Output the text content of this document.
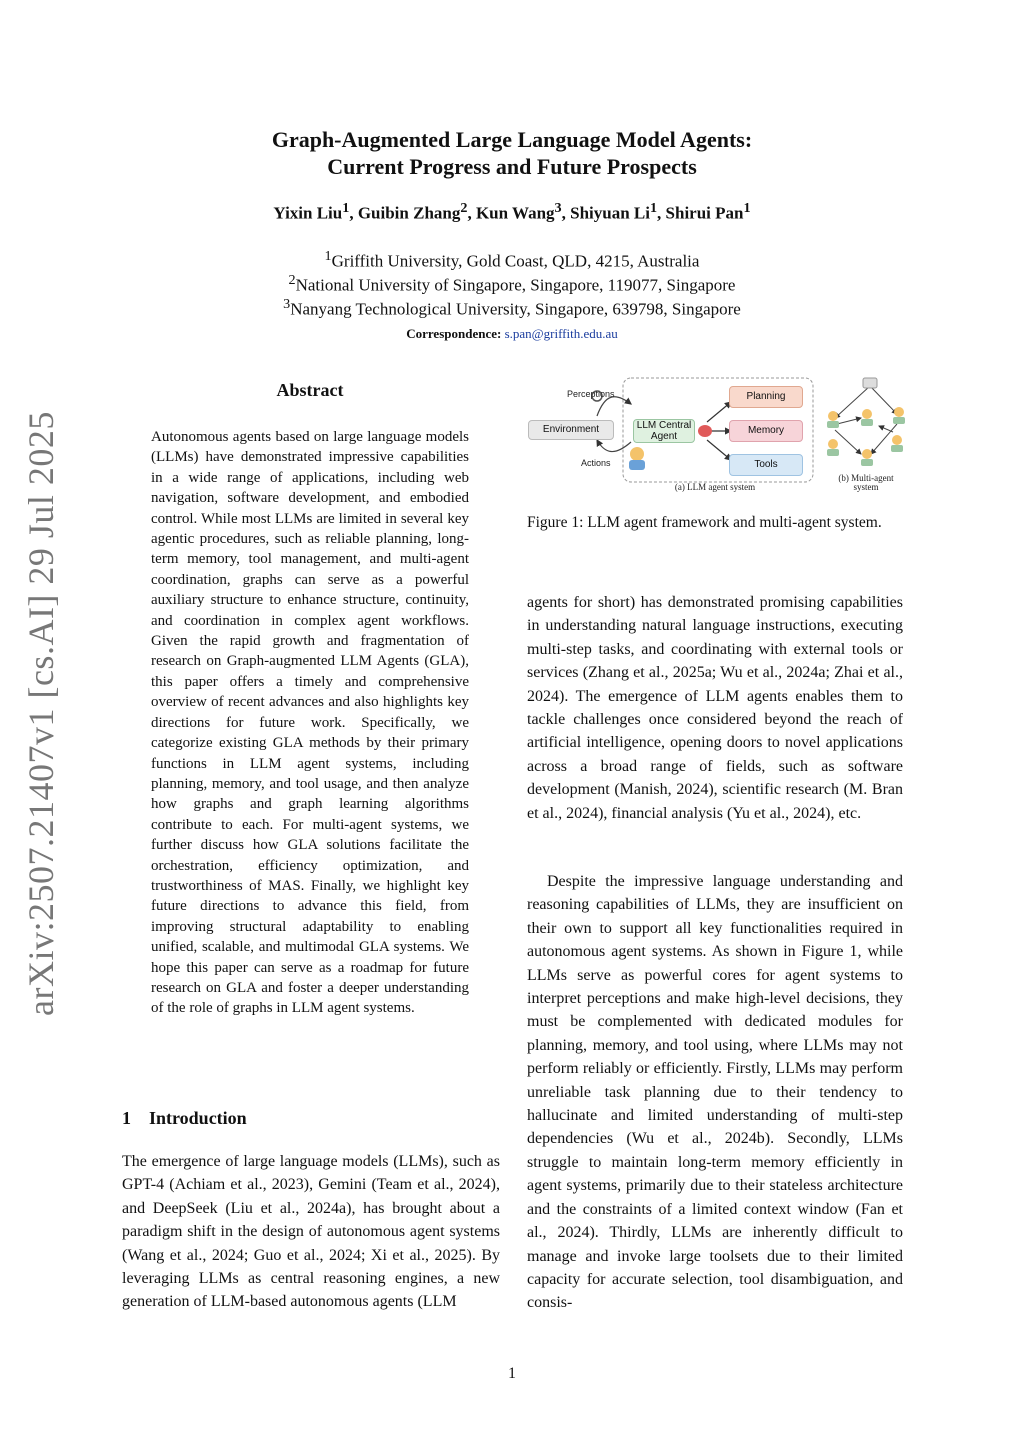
Graph-Augmented Large Language Model Agents:
Current Progress and Future Prospects
Yixin Liu$^1$, Guibin Zhang$^2$, Kun Wang$^3$, Shiyuan Li$^1$, Shirui Pan$^1$
$^1$Griffith University, Gold Coast, QLD, 4215, Australia
$^2$National University of Singapore, Singapore, 119077, Singapore
$^3$Nanyang Technological University, Singapore, 639798, Singapore
Correspondence: s.pan@griffith.edu.au
arXiv:2507.21407v1 [cs.AI] 29 Jul 2025
Abstract
Autonomous agents based on large language models (LLMs) have demonstrated impressive capabilities in a wide range of applications, including web navigation, software development, and embodied control. While most LLMs are limited in several key agentic procedures, such as reliable planning, long-term memory, tool management, and multi-agent coordination, graphs can serve as a powerful auxiliary structure to enhance structure, continuity, and coordination in complex agent workflows. Given the rapid growth and fragmentation of research on Graph-augmented LLM Agents (GLA), this paper offers a timely and comprehensive overview of recent advances and also highlights key directions for future work. Specifically, we categorize existing GLA methods by their primary functions in LLM agent systems, including planning, memory, and tool usage, and then analyze how graphs and graph learning algorithms contribute to each. For multi-agent systems, we further discuss how GLA solutions facilitate the orchestration, efficiency optimization, and trustworthiness of MAS. Finally, we highlight key future directions to advance this field, from improving structural adaptability to enabling unified, scalable, and multimodal GLA systems. We hope this paper can serve as a roadmap for future research on GLA and foster a deeper understanding of the role of graphs in LLM agent systems.
1 Introduction
The emergence of large language models (LLMs), such as GPT-4 (Achiam et al., 2023), Gemini (Team et al., 2024), and DeepSeek (Liu et al., 2024a), has brought about a paradigm shift in the design of autonomous agent systems (Wang et al., 2024; Guo et al., 2024; Xi et al., 2025). By leveraging LLMs as central reasoning engines, a new generation of LLM-based autonomous agents (LLM
Perceptions
Environment
Actions
LLM Central Agent
Planning
Memory
Tools
(a) LLM agent system
(b) Multi-agent system
Figure 1: LLM agent framework and multi-agent system.
agents for short) has demonstrated promising capabilities in understanding natural language instructions, executing multi-step tasks, and coordinating with external tools or services (Zhang et al., 2025a; Wu et al., 2024a; Zhai et al., 2024). The emergence of LLM agents enables them to tackle challenges once considered beyond the reach of artificial intelligence, opening doors to novel applications across a broad range of fields, such as software development (Manish, 2024), scientific research (M. Bran et al., 2024), financial analysis (Yu et al., 2024), etc.
Despite the impressive language understanding and reasoning capabilities of LLMs, they are insufficient on their own to support all key functionalities required in autonomous agent systems. As shown in Figure 1, while LLMs serve as powerful cores for agent systems to interpret perceptions and make high-level decisions, they must be complemented with dedicated modules for planning, memory, and tool using, where LLMs may not perform reliably or efficiently. Firstly, LLMs may perform unreliable task planning due to their tendency to hallucinate and limited understanding of multi-step dependencies (Wu et al., 2024b). Secondly, LLMs struggle to maintain long-term memory efficiently in agent systems, primarily due to their stateless architecture and the constraints of a limited context window (Fan et al., 2024). Thirdly, LLMs are inherently difficult to manage and invoke large toolsets due to their limited capacity for accurate selection, tool disambiguation, and consis-
1
